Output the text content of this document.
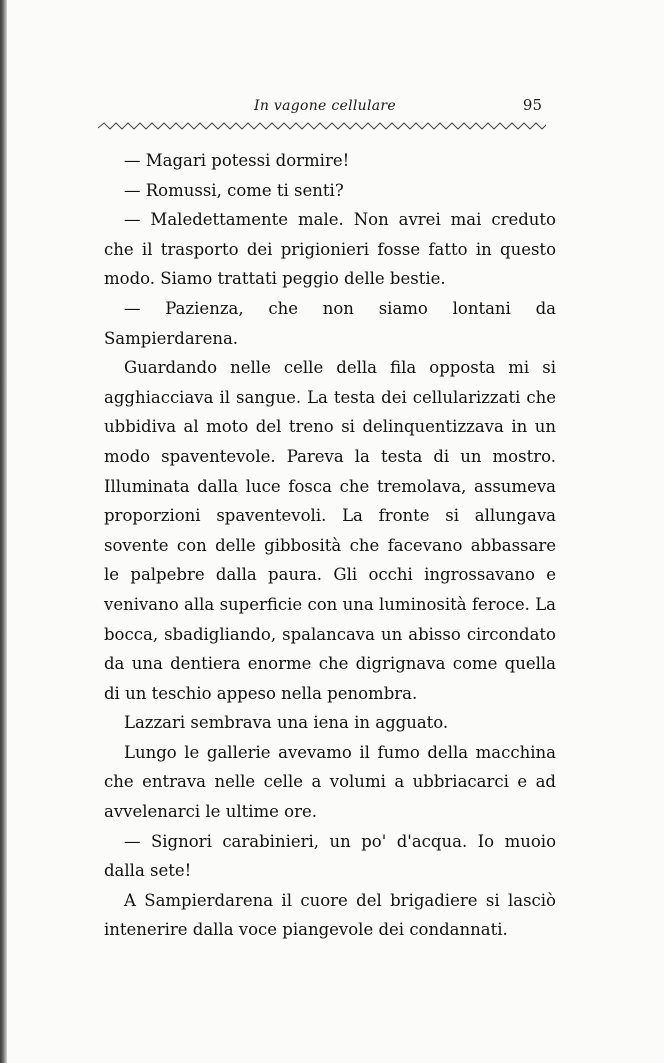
In vagone cellulare	95

— Magari potessi dormire!

— Romussi, come ti senti?

— Maledettamente male. Non avrei mai creduto che il trasporto dei prigionieri fosse fatto in questo modo. Siamo trattati peggio delle bestie.

— Pazienza, che non siamo lontani da Sampierdarena.

Guardando nelle celle della fila opposta mi si agghiacciava il sangue. La testa dei cellularizzati che ubbidiva al moto del treno si delinquentizzava in un modo spaventevole. Pareva la testa di un mostro. Illuminata dalla luce fosca che tremolava, assumeva proporzioni spaventevoli. La fronte si allungava sovente con delle gibbosità che facevano abbassare le palpebre dalla paura. Gli occhi ingrossavano e venivano alla superficie con una luminosità feroce. La bocca, sbadigliando, spalancava un abisso circondato da una dentiera enorme che digrignava come quella di un teschio appeso nella penombra.

Lazzari sembrava una iena in agguato.

Lungo le gallerie avevamo il fumo della macchina che entrava nelle celle a volumi a ubbriacarci e ad avvelenarci le ultime ore.

— Signori carabinieri, un po' d'acqua. Io muoio dalla sete!

A Sampierdarena il cuore del brigadiere si lasciò intenerire dalla voce piangevole dei condannati.
